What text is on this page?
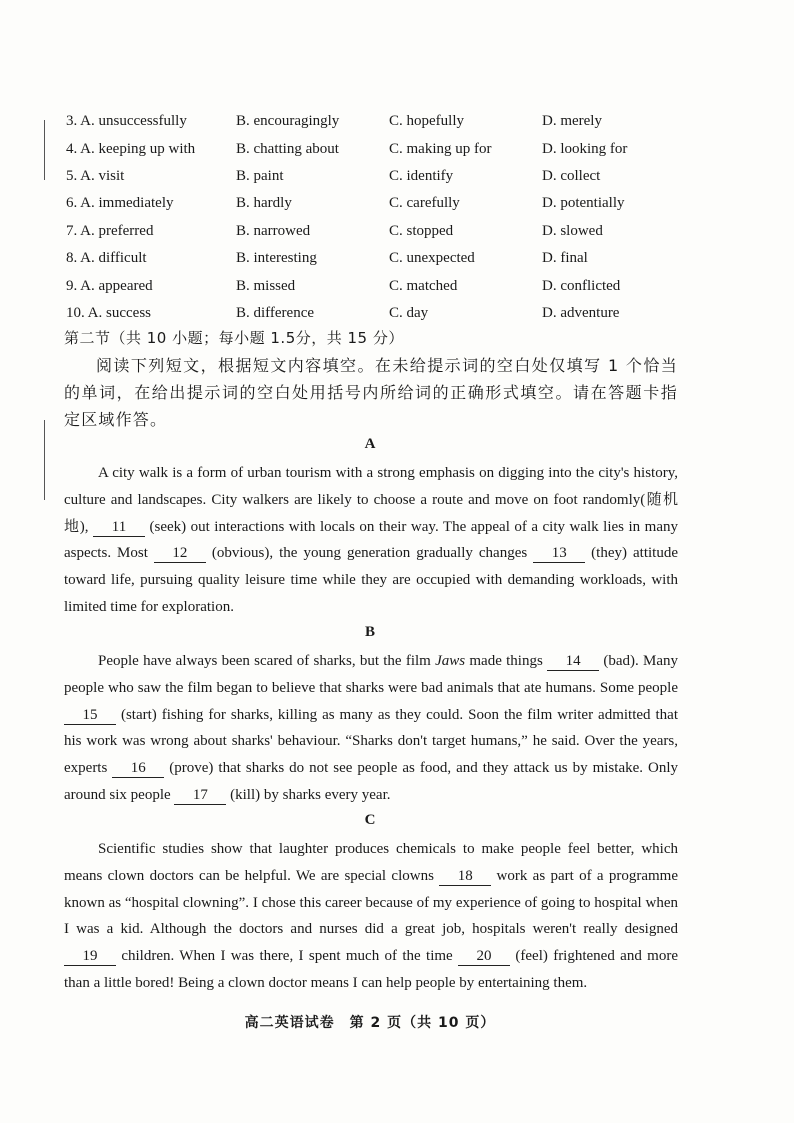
3. A. unsuccessfully	B. encouragingly	C. hopefully	D. merely
4. A. keeping up with	B. chatting about	C. making up for	D. looking for
5. A. visit	B. paint	C. identify	D. collect
6. A. immediately	B. hardly	C. carefully	D. potentially
7. A. preferred	B. narrowed	C. stopped	D. slowed
8. A. difficult	B. interesting	C. unexpected	D. final
9. A. appeared	B. missed	C. matched	D. conflicted
10. A. success	B. difference	C. day	D. adventure
第二节（共 10 小题；每小题 1.5分，共 15 分）
阅读下列短文，根据短文内容填空。在未给提示词的空白处仅填写 1 个恰当的单词，在给出提示词的空白处用括号内所给词的正确形式填空。请在答题卡指定区域作答。
A
A city walk is a form of urban tourism with a strong emphasis on digging into the city's history, culture and landscapes. City walkers are likely to choose a route and move on foot randomly(随机地), 11 (seek) out interactions with locals on their way. The appeal of a city walk lies in many aspects. Most 12 (obvious), the young generation gradually changes 13 (they) attitude toward life, pursuing quality leisure time while they are occupied with demanding workloads, with limited time for exploration.
B
People have always been scared of sharks, but the film Jaws made things 14 (bad). Many people who saw the film began to believe that sharks were bad animals that ate humans. Some people 15 (start) fishing for sharks, killing as many as they could. Soon the film writer admitted that his work was wrong about sharks' behaviour. “Sharks don't target humans,” he said. Over the years, experts 16 (prove) that sharks do not see people as food, and they attack us by mistake. Only around six people 17 (kill) by sharks every year.
C
Scientific studies show that laughter produces chemicals to make people feel better, which means clown doctors can be helpful. We are special clowns 18 work as part of a programme known as “hospital clowning”. I chose this career because of my experience of going to hospital when I was a kid. Although the doctors and nurses did a great job, hospitals weren't really designed 19 children. When I was there, I spent much of the time 20 (feel) frightened and more than a little bored! Being a clown doctor means I can help people by entertaining them.
高二英语试卷　第 2 页（共 10 页）
